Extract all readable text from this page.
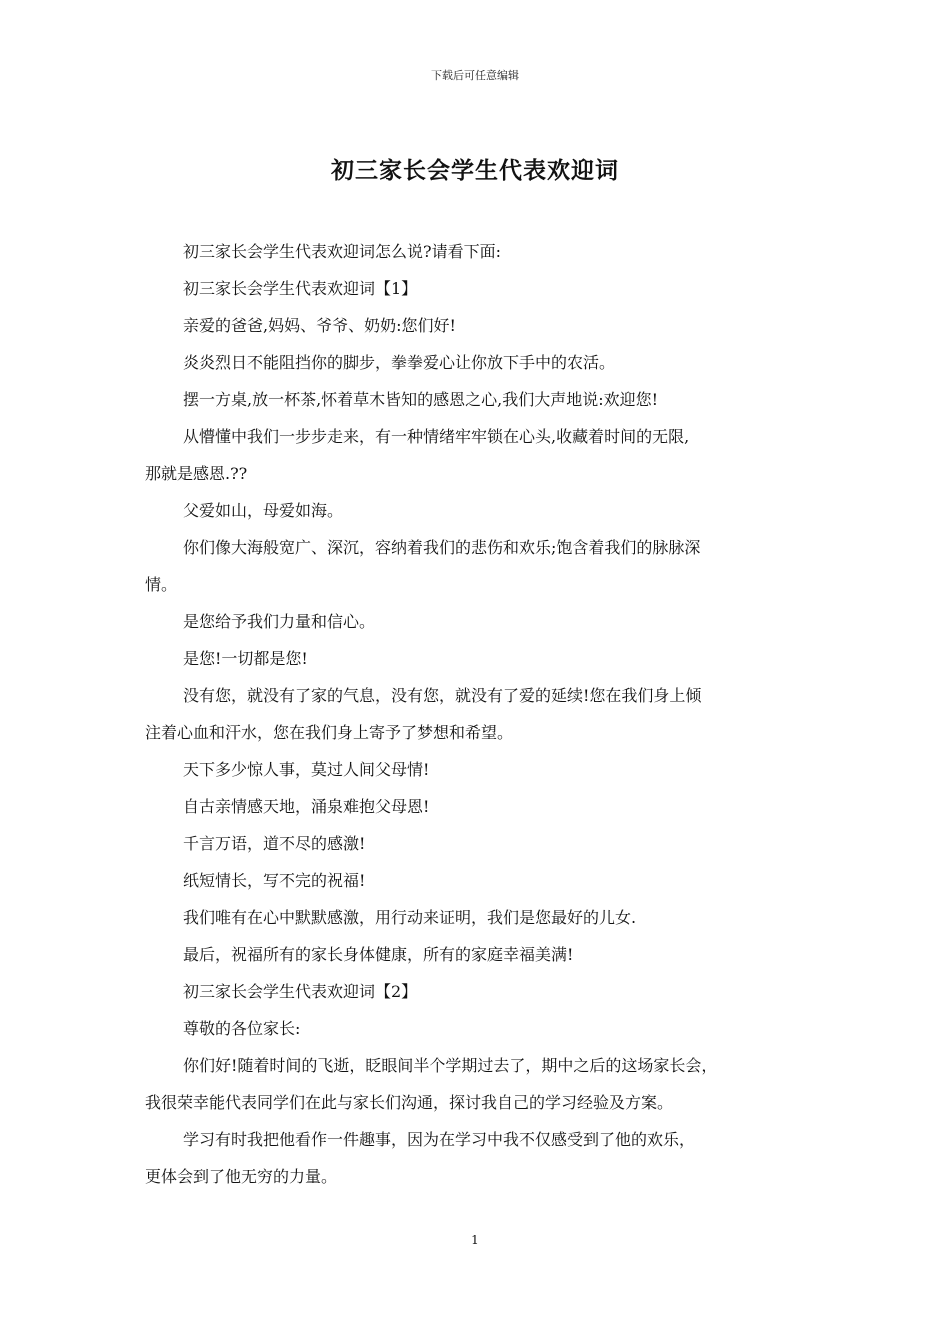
下载后可任意编辑
初三家长会学生代表欢迎词

初三家长会学生代表欢迎词怎么说?请看下面:

初三家长会学生代表欢迎词【1】

亲爱的爸爸,妈妈、爷爷、奶奶:您们好!

炎炎烈日不能阻挡你的脚步，拳拳爱心让你放下手中的农活。

摆一方桌,放一杯茶,怀着草木皆知的感恩之心,我们大声地说:欢迎您!

从懵懂中我们一步步走来，有一种情绪牢牢锁在心头,收藏着时间的无限,

那就是感恩.??

父爱如山，母爱如海。

你们像大海般宽广、深沉，容纳着我们的悲伤和欢乐;饱含着我们的脉脉深

情。

是您给予我们力量和信心。

是您!一切都是您!

没有您，就没有了家的气息，没有您，就没有了爱的延续!您在我们身上倾

注着心血和汗水，您在我们身上寄予了梦想和希望。

天下多少惊人事，莫过人间父母情!

自古亲情感天地，涌泉难抱父母恩!

千言万语，道不尽的感激!

纸短情长，写不完的祝福!

我们唯有在心中默默感激，用行动来证明，我们是您最好的儿女.

最后，祝福所有的家长身体健康，所有的家庭幸福美满!

初三家长会学生代表欢迎词【2】

尊敬的各位家长:

你们好!随着时间的飞逝，眨眼间半个学期过去了，期中之后的这场家长会，

我很荣幸能代表同学们在此与家长们沟通，探讨我自己的学习经验及方案。

学习有时我把他看作一件趣事，因为在学习中我不仅感受到了他的欢乐，

更体会到了他无穷的力量。

1
